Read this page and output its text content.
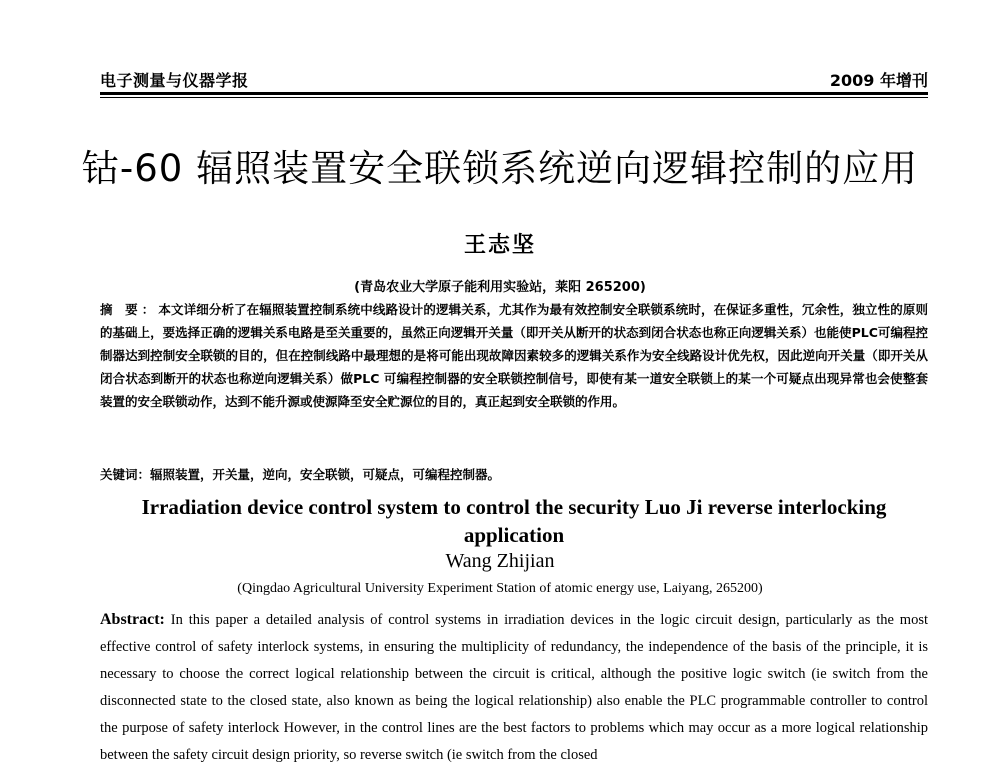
电子测量与仪器学报	2009 年增刊
钴-60 辐照装置安全联锁系统逆向逻辑控制的应用
王志坚
(青岛农业大学原子能利用实验站，莱阳 265200)
摘 要：本文详细分析了在辐照装置控制系统中线路设计的逻辑关系，尤其作为最有效控制安全联锁系统时，在保证多重性，冗余性，独立性的原则的基础上，要选择正确的逻辑关系电路是至关重要的，虽然正向逻辑开关量（即开关从断开的状态到闭合状态也称正向逻辑关系）也能使PLC可编程控制器达到控制安全联锁的目的，但在控制线路中最理想的是将可能出现故障因素较多的逻辑关系作为安全线路设计优先权，因此逆向开关量（即开关从闭合状态到断开的状态也称逆向逻辑关系）做PLC 可编程控制器的安全联锁控制信号，即使有某一道安全联锁上的某一个可疑点出现异常也会使整套装置的安全联锁动作，达到不能升源或使源降至安全贮源位的目的，真正起到安全联锁的作用。
关键词：辐照装置，开关量，逆向，安全联锁，可疑点，可编程控制器。
Irradiation device control system to control the security Luo Ji reverse interlocking application
Wang Zhijian
(Qingdao Agricultural University Experiment Station of atomic energy use, Laiyang, 265200)
Abstract: In this paper a detailed analysis of control systems in irradiation devices in the logic circuit design, particularly as the most effective control of safety interlock systems, in ensuring the multiplicity of redundancy, the independence of the basis of the principle, it is necessary to choose the correct logical relationship between the circuit is critical, although the positive logic switch (ie switch from the disconnected state to the closed state, also known as being the logical relationship) also enable the PLC programmable controller to control the purpose of safety interlock However, in the control lines are the best factors to problems which may occur as a more logical relationship between the safety circuit design priority, so reverse switch (ie switch from the closed
